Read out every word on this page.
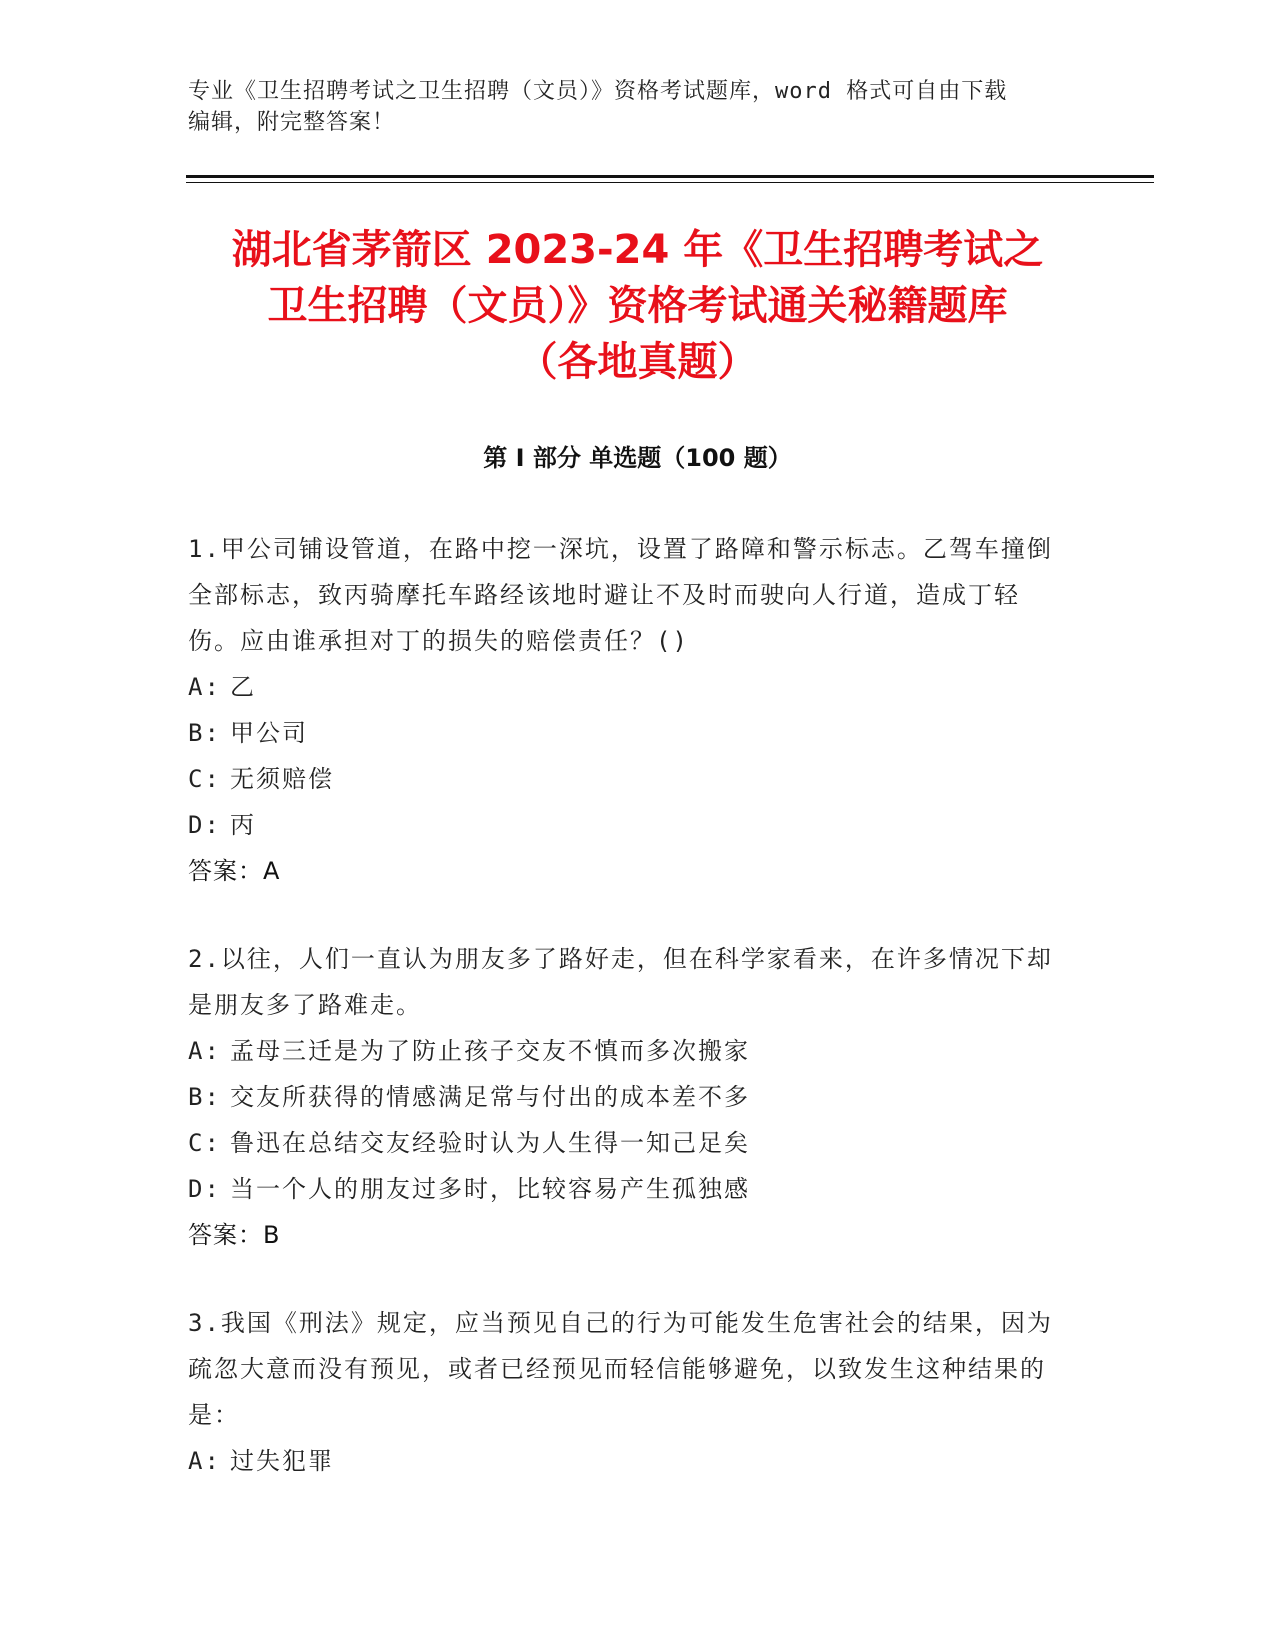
专业《卫生招聘考试之卫生招聘（文员）》资格考试题库，word 格式可自由下载
编辑，附完整答案！
湖北省茅箭区 2023-24 年《卫生招聘考试之
卫生招聘（文员）》资格考试通关秘籍题库
（各地真题）
第 I 部分 单选题（100 题）
1.甲公司铺设管道，在路中挖一深坑，设置了路障和警示标志。乙驾车撞倒全部标志，致丙骑摩托车路经该地时避让不及时而驶向人行道，造成丁轻伤。应由谁承担对丁的损失的赔偿责任？()
A: 乙
B: 甲公司
C: 无须赔偿
D: 丙
答案：A
2.以往，人们一直认为朋友多了路好走，但在科学家看来，在许多情况下却是朋友多了路难走。
A: 孟母三迁是为了防止孩子交友不慎而多次搬家
B: 交友所获得的情感满足常与付出的成本差不多
C: 鲁迅在总结交友经验时认为人生得一知己足矣
D: 当一个人的朋友过多时，比较容易产生孤独感
答案：B
3.我国《刑法》规定，应当预见自己的行为可能发生危害社会的结果，因为疏忽大意而没有预见，或者已经预见而轻信能够避免，以致发生这种结果的是：
A: 过失犯罪
